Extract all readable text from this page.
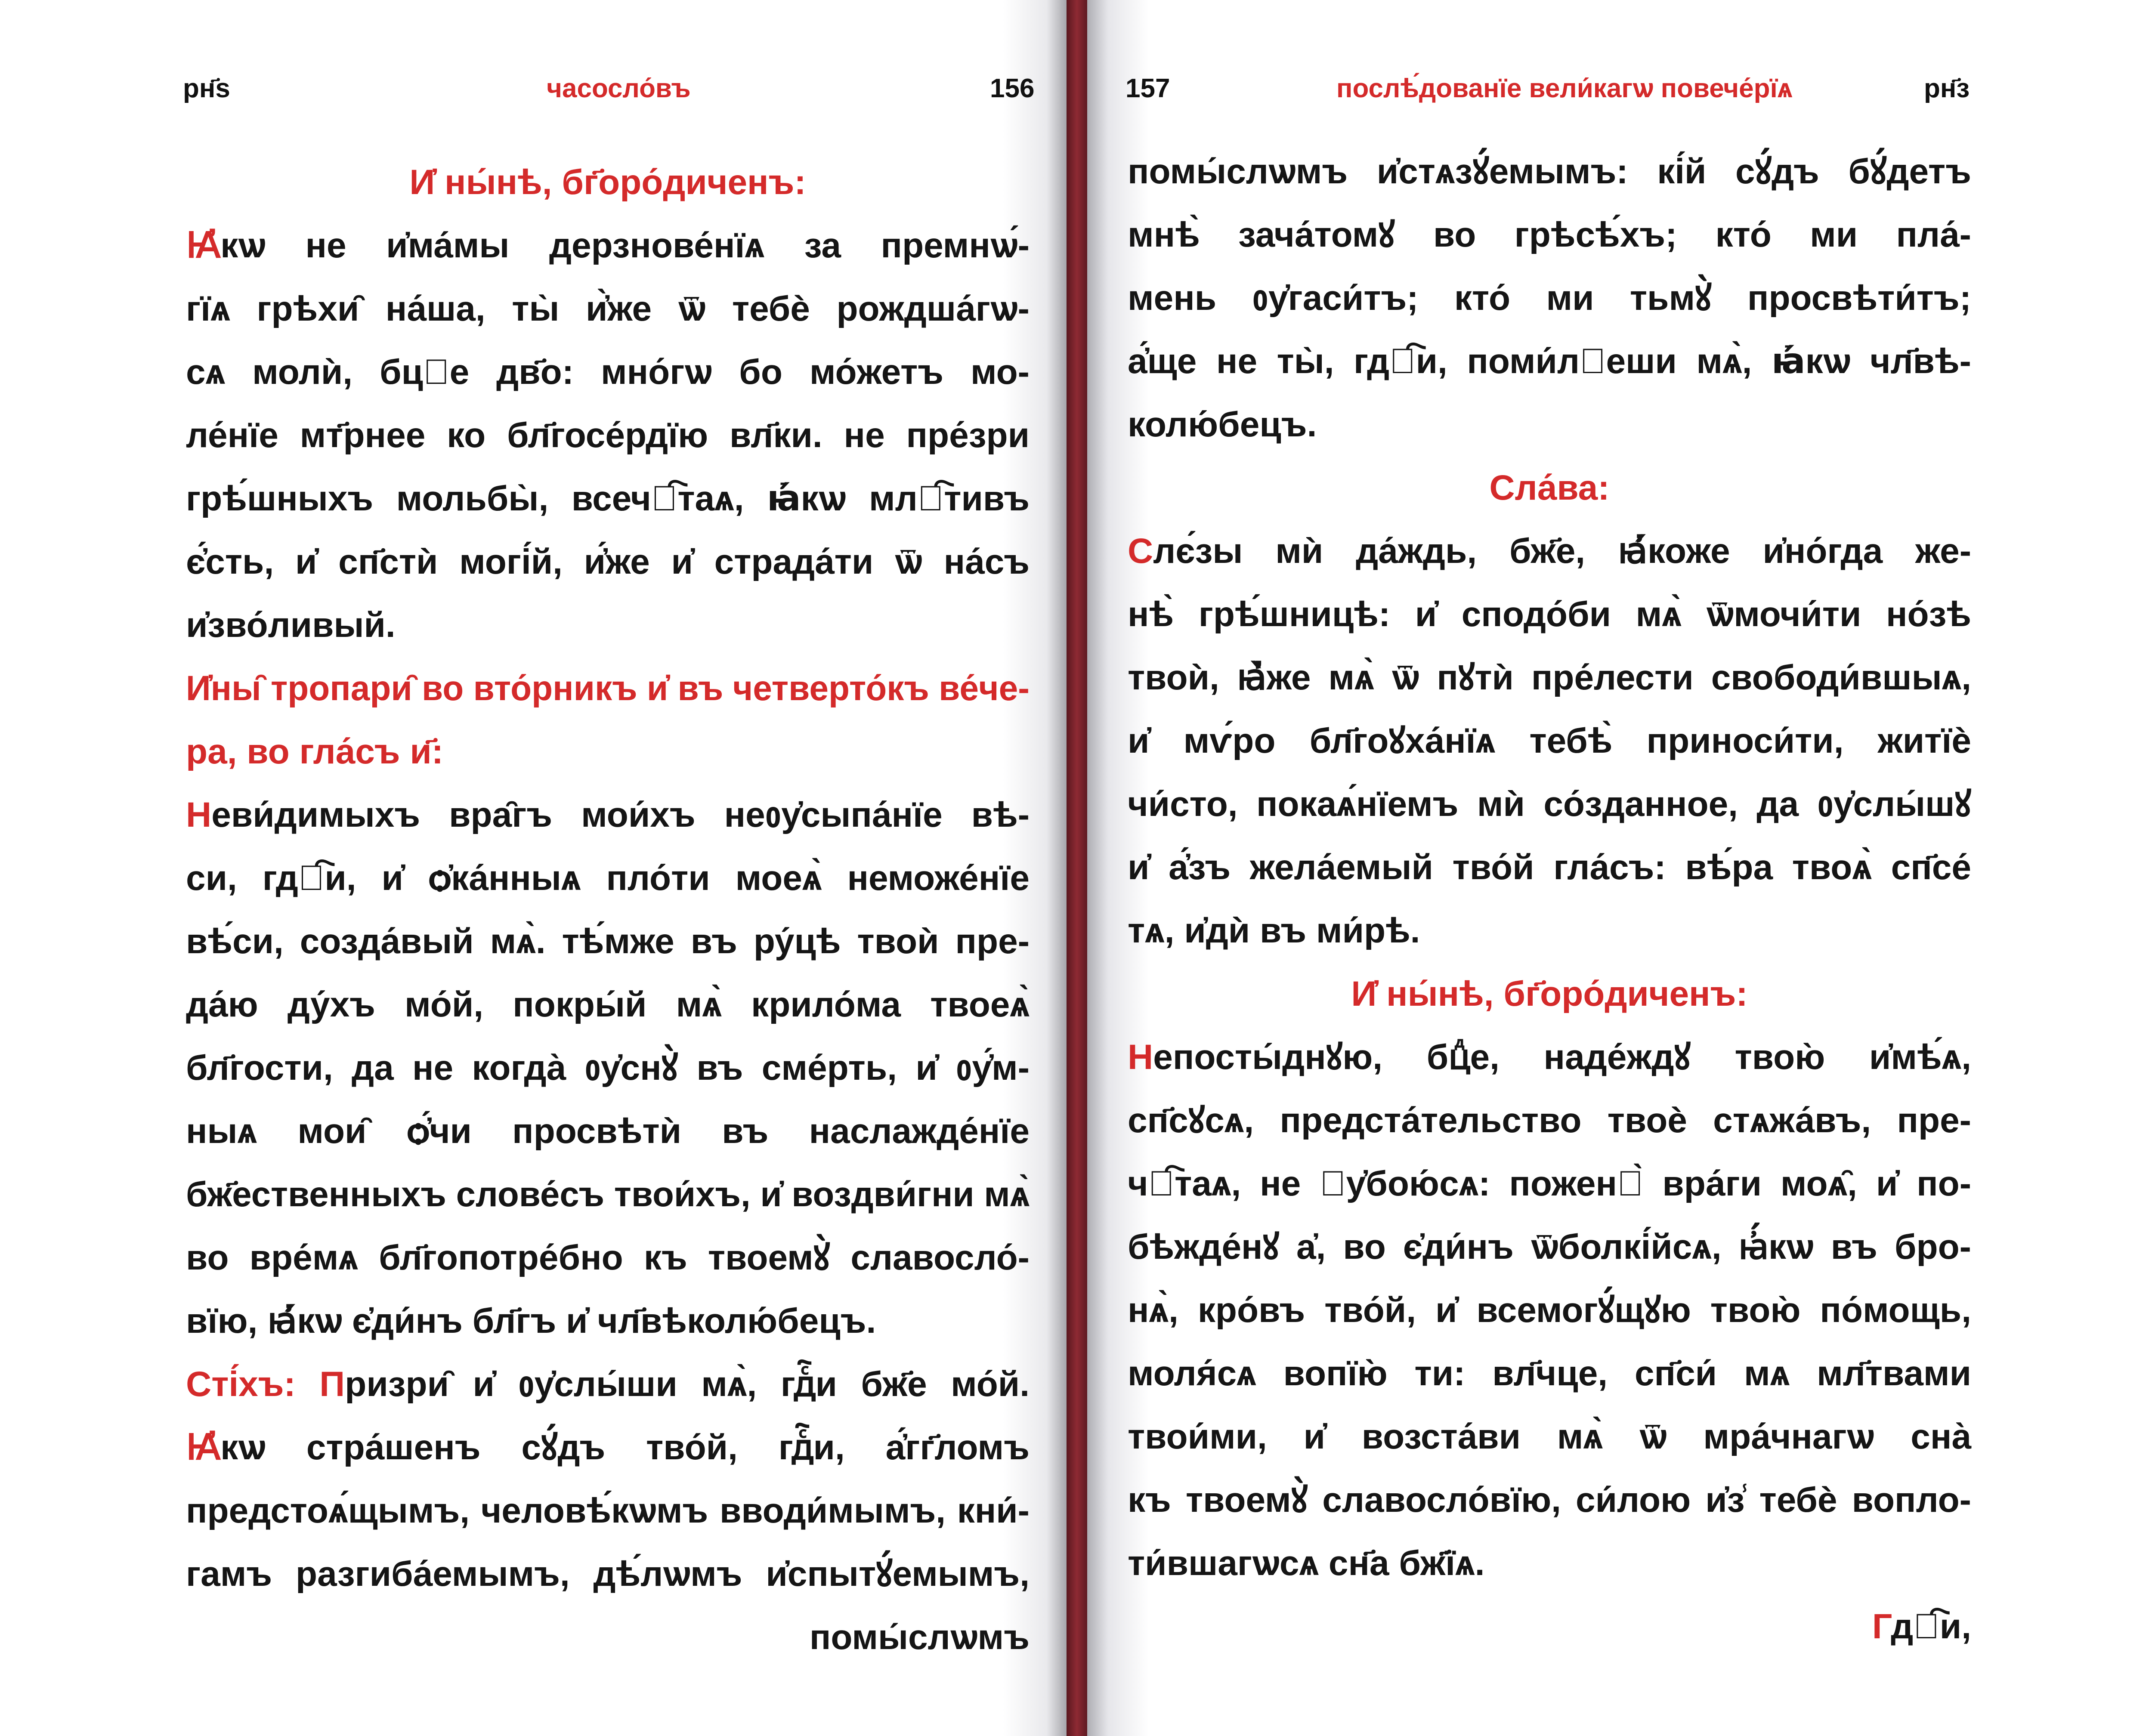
рн҃ѕ	часосло́въ	156	157	послѣ́дованїе вели́кагѡ повече́рїѧ	рн҃з
И҆ ны́нѣ, бг҃оро́диченъ:
Ꙗ҆кѡ не и҆ма́мы дерзнове́нїѧ за премнѡ́-
гїѧ грѣхи̑ на́ша, ты̀ и҆̀же ѿ тебѐ рождша́гѡ-
сѧ молѝ, бцⷣе дв҃о: мно́гѡ бо мо́жетъ мо-
ле́нїе мт҃рнее ко бл҃госе́рдїю вл҃ки. не пре́зри
грѣ́шныхъ мольбы̀, всечⷭ҇таѧ, ꙗ҆́кѡ млⷭ҇тивъ
є҆́сть, и҆ сп҃стѝ могі́й, и҆́же и҆ страда́ти ѿ на́съ
и҆зво́ливый.
И҆ны̑ тропари̑ во вто́рникъ и҆ въ четверто́къ ве́че-
ра, во гла́съ и҃:
Неви́димыхъ вра̑гъ мои́хъ неᲂу҆сыпа́нїе вѣ-
си, гдⷭ҇и, и҆ ѻ҆ка́нныѧ пло́ти моеѧ̀ неможе́нїе
вѣ́си, созда́вый мѧ̀. тѣ́мже въ ру́цѣ твоѝ пре-
да́ю ду́хъ мо́й, покры́й мѧ̀ крило́ма твоеѧ̀
бл҃гости, да не когда̀ ᲂу҆снꙋ̀ въ сме́рть, и҆ ᲂу҆́м-
ныѧ мои̑ ѻ҆́чи просвѣтѝ въ наслажде́нїе
бж҃ественныхъ слове́съ твои́хъ, и҆ воздви́гни мѧ̀
во вре́мѧ бл҃гопотре́бно къ твоемꙋ̀ славосло́-
вїю, ꙗ҆́кѡ є҆ди́нъ бл҃гъ и҆ чл҃вѣколю́бецъ.
Сті́хъ: Призри̑ и҆ ᲂу҆слы́ши мѧ̀, гдⷭ҇и бж҃е мо́й.
Ꙗ҆кѡ стра́шенъ сꙋ́дъ тво́й, гдⷭ҇и, а҆́гг҃ломъ
предстоѧ́щымъ, человѣ́кѡмъ вводи́мымъ, кни́-
гамъ разгиба́емымъ, дѣ́лѡмъ и҆спытꙋ́емымъ,
помы́слѡмъ
помы́слѡмъ и҆стѧзꙋ́емымъ: кі́й сꙋ́дъ бꙋ́детъ
мнѣ̀ зача́томꙋ во грѣсѣ́хъ; кто́ ми пла́-
мень ᲂу҆гаси́тъ; кто́ ми тьмꙋ̀ просвѣти́тъ;
а҆́ще не ты̀, гдⷭ҇и, поми́лꙋеши мѧ̀, ꙗ҆́кѡ чл҃вѣ-
колю́бецъ.
Сла́ва:
Слє́зы мѝ да́ждь, бж҃е, ꙗ҆́коже и҆но́гда же-
нѣ̀ грѣ́шницѣ: и҆ сподо́би мѧ̀ ѿмочи́ти но́зѣ
твоѝ, ꙗ҆̀же мѧ̀ ѿ пꙋтѝ пре́лести свободи́вшыѧ,
и҆ мѵ́ро бл҃гоꙋха́нїѧ тебѣ̀ приноси́ти, житїѐ
чи́сто, покаѧ́нїемъ мѝ со́зданное, да ᲂу҆слы́шꙋ
и҆ а҆́зъ жела́емый тво́й гла́съ: вѣ́ра твоѧ̀ сп҃се́
тѧ, и҆дѝ въ ми́рѣ.
И҆ ны́нѣ, бг҃оро́диченъ:
Непосты́днꙋю, бцⷣе, наде́ждꙋ твою̀ и҆мѣ́ѧ,
сп҃сꙋсѧ, предста́тельство твоѐ стѧжа́въ, пре-
чⷭ҇таѧ, не ᲂу҆бою́сѧ: поженꙋ̀ вра́ги моѧ̑, и҆ по-
бѣжде́нꙋ а҆, во є҆ди́нъ ѿболкі́йсѧ, ꙗ҆́кѡ въ бро-
нѧ̀, кро́въ тво́й, и҆ всемогꙋ́щꙋю твою̀ по́мощь,
моля́сѧ вопїю̀ ти: вл҃чце, сп҃си́ мѧ мл҃твами
твои́ми, и҆ возста́ви мѧ̀ ѿ мра́чнагѡ сна̀
къ твоемꙋ̀ славосло́вїю, си́лою и҆з̾ тебѐ вопло-
ти́вшагѡсѧ сн҃а бж҃їѧ.
Гдⷭ҇и,
